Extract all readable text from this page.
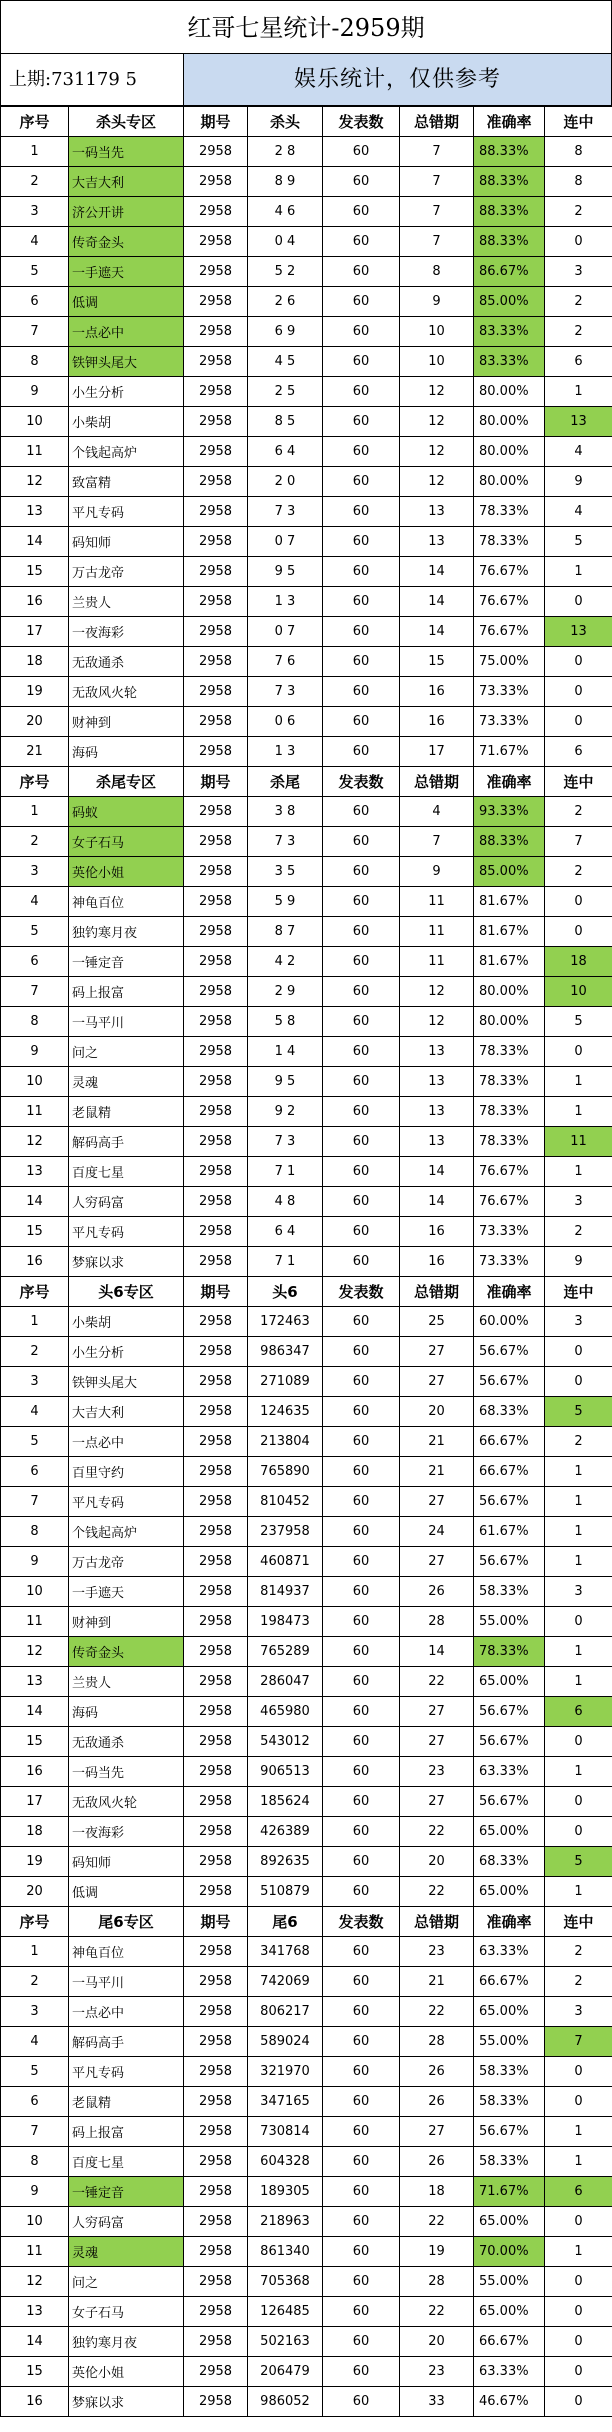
红哥七星统计-2959期
上期:731179 5	娱乐统计，仅供参考
序号	杀头专区	期号	杀头	发表数	总错期	准确率	连中
1	一码当先	2958	2 8	60	7	88.33%	8
2	大吉大利	2958	8 9	60	7	88.33%	8
3	济公开讲	2958	4 6	60	7	88.33%	2
4	传奇金头	2958	0 4	60	7	88.33%	0
5	一手遮天	2958	5 2	60	8	86.67%	3
6	低调	2958	2 6	60	9	85.00%	2
7	一点必中	2958	6 9	60	10	83.33%	2
8	铁钾头尾大	2958	4 5	60	10	83.33%	6
9	小生分析	2958	2 5	60	12	80.00%	1
10	小柴胡	2958	8 5	60	12	80.00%	13
11	个钱起高炉	2958	6 4	60	12	80.00%	4
12	致富精	2958	2 0	60	12	80.00%	9
13	平凡专码	2958	7 3	60	13	78.33%	4
14	码知师	2958	0 7	60	13	78.33%	5
15	万古龙帝	2958	9 5	60	14	76.67%	1
16	兰贵人	2958	1 3	60	14	76.67%	0
17	一夜海彩	2958	0 7	60	14	76.67%	13
18	无敌通杀	2958	7 6	60	15	75.00%	0
19	无敌风火轮	2958	7 3	60	16	73.33%	0
20	财神到	2958	0 6	60	16	73.33%	0
21	海码	2958	1 3	60	17	71.67%	6
序号	杀尾专区	期号	杀尾	发表数	总错期	准确率	连中
1	码蚁	2958	3 8	60	4	93.33%	2
2	女子石马	2958	7 3	60	7	88.33%	7
3	英伦小姐	2958	3 5	60	9	85.00%	2
4	神龟百位	2958	5 9	60	11	81.67%	0
5	独钓寒月夜	2958	8 7	60	11	81.67%	0
6	一锤定音	2958	4 2	60	11	81.67%	18
7	码上报富	2958	2 9	60	12	80.00%	10
8	一马平川	2958	5 8	60	12	80.00%	5
9	问之	2958	1 4	60	13	78.33%	0
10	灵魂	2958	9 5	60	13	78.33%	1
11	老鼠精	2958	9 2	60	13	78.33%	1
12	解码高手	2958	7 3	60	13	78.33%	11
13	百度七星	2958	7 1	60	14	76.67%	1
14	人穷码富	2958	4 8	60	14	76.67%	3
15	平凡专码	2958	6 4	60	16	73.33%	2
16	梦寐以求	2958	7 1	60	16	73.33%	9
序号	头6专区	期号	头6	发表数	总错期	准确率	连中
1	小柴胡	2958	172463	60	25	60.00%	3
2	小生分析	2958	986347	60	27	56.67%	0
3	铁钾头尾大	2958	271089	60	27	56.67%	0
4	大吉大利	2958	124635	60	20	68.33%	5
5	一点必中	2958	213804	60	21	66.67%	2
6	百里守约	2958	765890	60	21	66.67%	1
7	平凡专码	2958	810452	60	27	56.67%	1
8	个钱起高炉	2958	237958	60	24	61.67%	1
9	万古龙帝	2958	460871	60	27	56.67%	1
10	一手遮天	2958	814937	60	26	58.33%	3
11	财神到	2958	198473	60	28	55.00%	0
12	传奇金头	2958	765289	60	14	78.33%	1
13	兰贵人	2958	286047	60	22	65.00%	1
14	海码	2958	465980	60	27	56.67%	6
15	无敌通杀	2958	543012	60	27	56.67%	0
16	一码当先	2958	906513	60	23	63.33%	1
17	无敌风火轮	2958	185624	60	27	56.67%	0
18	一夜海彩	2958	426389	60	22	65.00%	0
19	码知师	2958	892635	60	20	68.33%	5
20	低调	2958	510879	60	22	65.00%	1
序号	尾6专区	期号	尾6	发表数	总错期	准确率	连中
1	神龟百位	2958	341768	60	23	63.33%	2
2	一马平川	2958	742069	60	21	66.67%	2
3	一点必中	2958	806217	60	22	65.00%	3
4	解码高手	2958	589024	60	28	55.00%	7
5	平凡专码	2958	321970	60	26	58.33%	0
6	老鼠精	2958	347165	60	26	58.33%	0
7	码上报富	2958	730814	60	27	56.67%	1
8	百度七星	2958	604328	60	26	58.33%	1
9	一锤定音	2958	189305	60	18	71.67%	6
10	人穷码富	2958	218963	60	22	65.00%	0
11	灵魂	2958	861340	60	19	70.00%	1
12	问之	2958	705368	60	28	55.00%	0
13	女子石马	2958	126485	60	22	65.00%	0
14	独钓寒月夜	2958	502163	60	20	66.67%	0
15	英伦小姐	2958	206479	60	23	63.33%	0
16	梦寐以求	2958	986052	60	33	46.67%	0
